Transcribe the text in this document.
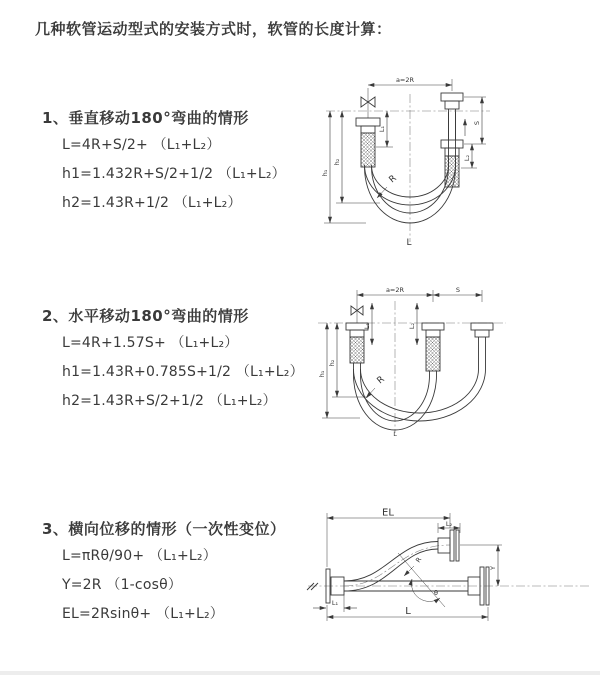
几种软管运动型式的安装方式时，软管的长度计算：
1、垂直移动180°弯曲的情形
L=4R+S/2+ （L₁+L₂）
h1=1.432R+S/2+1/2 （L₁+L₂）
h2=1.43R+1/2 （L₁+L₂）
2、水平移动180°弯曲的情形
L=4R+1.57S+ （L₁+L₂）
h1=1.43R+0.785S+1/2 （L₁+L₂）
h2=1.43R+S/2+1/2 （L₁+L₂）
3、横向位移的情形（一次性变位）
L=πRθ/90+ （L₁+L₂）
Y=2R （1-cosθ）
EL=2Rsinθ+ （L₁+L₂）
a=2R
L₁
S
L₂
h₁
h₂
R
L
a=2R	S
L₁	L₂
h₁
h₂
R
L
EL
L₂
Y
θ
R
L₁
L
